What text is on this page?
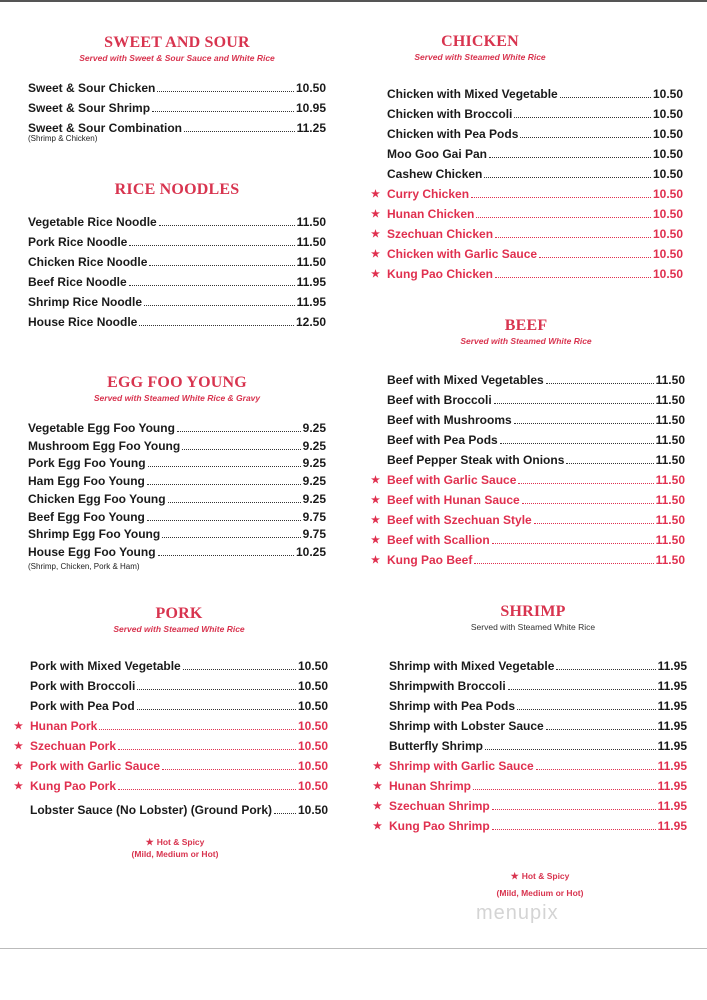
SWEET AND SOUR
Served with Sweet & Sour Sauce and White Rice
Sweet & Sour Chicken	10.50
Sweet & Sour Shrimp	10.95
Sweet & Sour Combination	11.25
(Shrimp & Chicken)
RICE NOODLES
Vegetable Rice Noodle	11.50
Pork Rice Noodle	11.50
Chicken Rice Noodle	11.50
Beef Rice Noodle	11.95
Shrimp Rice Noodle	11.95
House Rice Noodle	12.50
EGG FOO YOUNG
Served with Steamed White Rice & Gravy
Vegetable Egg Foo Young	9.25
Mushroom Egg Foo Young	9.25
Pork Egg Foo Young	9.25
Ham Egg Foo Young	9.25
Chicken Egg Foo Young	9.25
Beef Egg Foo Young	9.75
Shrimp Egg Foo Young	9.75
House Egg Foo Young	10.25
(Shrimp, Chicken, Pork & Ham)
PORK
Served with Steamed White Rice
Pork with Mixed Vegetable	10.50
Pork with Broccoli	10.50
Pork with Pea Pod	10.50
★ Hunan Pork	10.50
★ Szechuan Pork	10.50
★ Pork with Garlic Sauce	10.50
★ Kung Pao Pork	10.50
Lobster Sauce (No Lobster) (Ground Pork) 10.50
★ Hot & Spicy
(Mild, Medium or Hot)
CHICKEN
Served with Steamed White Rice
Chicken with Mixed Vegetable	10.50
Chicken with Broccoli	10.50
Chicken with Pea Pods	10.50
Moo Goo Gai Pan	10.50
Cashew Chicken	10.50
★ Curry Chicken	10.50
★ Hunan Chicken	10.50
★ Szechuan Chicken	10.50
★ Chicken with Garlic Sauce	10.50
★ Kung Pao Chicken	10.50
BEEF
Served with Steamed White Rice
Beef with Mixed Vegetables	11.50
Beef with Broccoli	11.50
Beef with Mushrooms	11.50
Beef with Pea Pods	11.50
Beef Pepper Steak with Onions	11.50
★ Beef with Garlic Sauce	11.50
★ Beef with Hunan Sauce	11.50
★ Beef with Szechuan Style	11.50
★ Beef with Scallion	11.50
★ Kung Pao Beef	11.50
SHRIMP
Served with Steamed White Rice
Shrimp with Mixed Vegetable	11.95
Shrimpwith Broccoli	11.95
Shrimp with Pea Pods	11.95
Shrimp with Lobster Sauce	11.95
Butterfly Shrimp	11.95
★ Shrimp with Garlic Sauce	11.95
★ Hunan Shrimp	11.95
★ Szechuan Shrimp	11.95
★ Kung Pao Shrimp	11.95
★ Hot & Spicy
(Mild, Medium or Hot)
menupix
